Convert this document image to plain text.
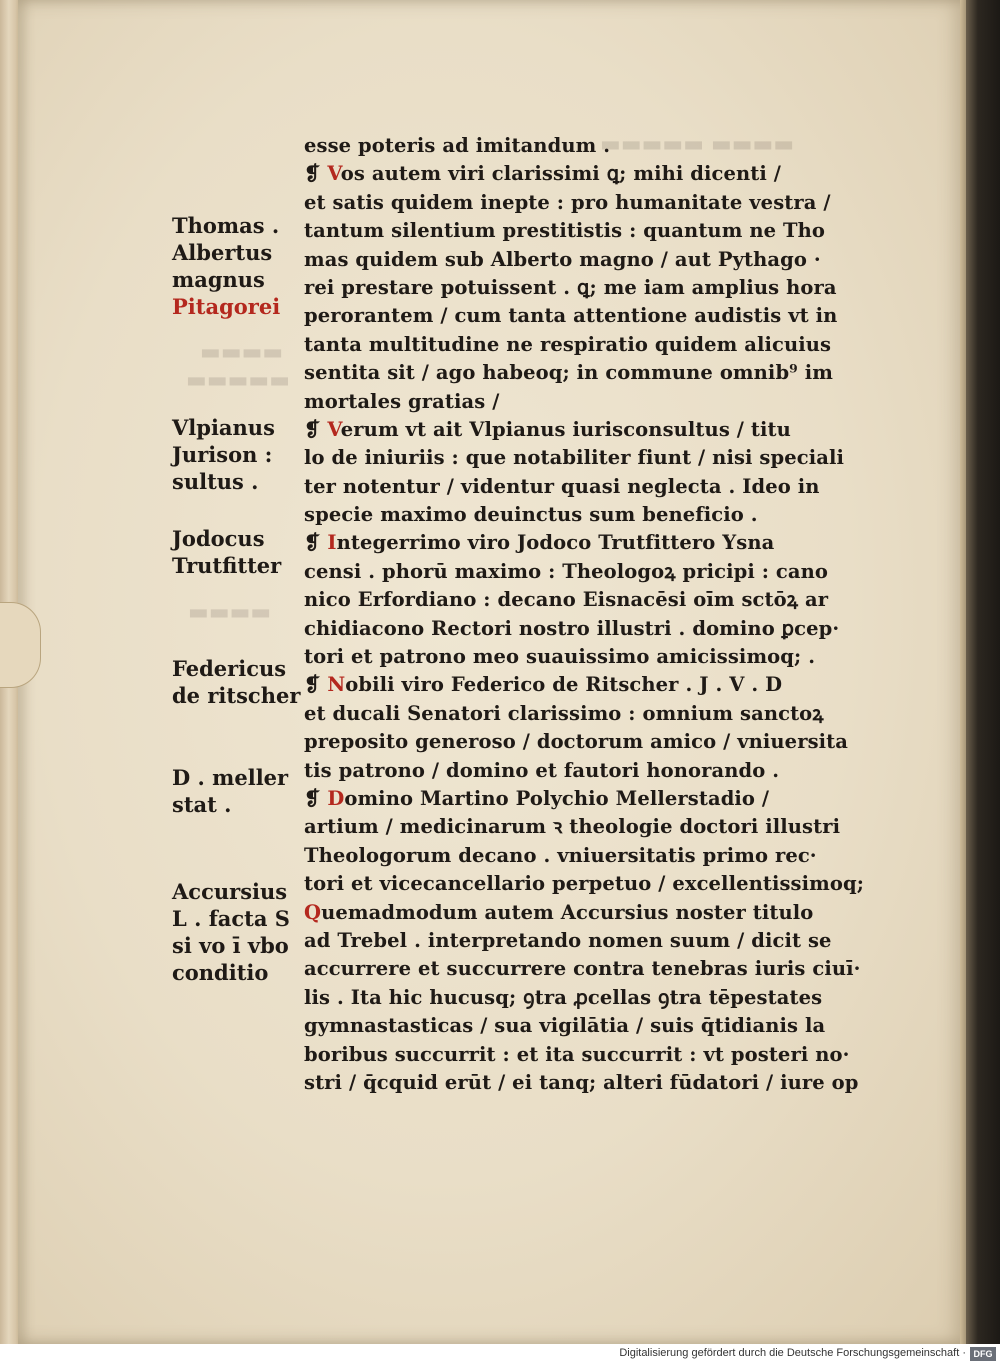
Thomas .
Albertus
magnus
Pitagorei
Vlpianus
Jurison :
sultus .
Jodocus
Trutfitter
Federicus
de ritscher
D . meller
stat .
Accursius
L . facta S
si vo ī vbo
conditio
esse poteris ad imitandum .
❡ Vos autem viri clarissimi ꝗ; mihi dicenti /
et satis quidem inepte : pro humanitate vestra /
tantum silentium prestitistis : quantum ne Tho
mas quidem sub Alberto magno / aut Pythago ·
rei prestare potuissent . ꝗ; me iam amplius hora
perorantem / cum tanta attentione audistis vt in
tanta multitudine ne respiratio quidem alicuius
sentita sit / ago habeoq; in commune omnib⁹ im
mortales gratias /
❡ Verum vt ait Vlpianus iurisconsultus / titu
lo de iniuriis : que notabiliter fiunt / nisi speciali
ter notentur / videntur quasi neglecta . Ideo in
specie maximo deuinctus sum beneficio .
❡ Integerrimo viro Jodoco Trutfittero Ysna
censi . phorū maximo : Theologoꝝ pricipi : cano
nico Erfordiano : decano Eisnacēsi oīm sctōꝝ ar
chidiacono Rectori nostro illustri . domino ꝑcep·
tori et patrono meo suauissimo amicissimoq; .
❡ Nobili viro Federico de Ritscher . J . V . D
et ducali Senatori clarissimo : omnium sanctoꝝ
preposito generoso / doctorum amico / vniuersita
tis patrono / domino et fautori honorando .
❡ Domino Martino Polychio Mellerstadio /
artium / medicinarum ꝛ theologie doctori illustri
Theologorum decano . vniuersitatis primo rec·
tori et vicecancellario perpetuo / excellentissimoq;
Quemadmodum autem Accursius noster titulo
ad Trebel . interpretando nomen suum / dicit se
accurrere et succurrere contra tenebras iuris ciuī·
lis . Ita hic hucusq; ꝯtra ꝓcellas ꝯtra tēpestates
gymnastasticas / sua vigilātia / suis q̄tidianis la
boribus succurrit : et ita succurrit : vt posteri no·
stri / q̄cquid erūt / ei tanq; alteri fūdatori / iure op
Digitalisierung gefördert durch die Deutsche Forschungsgemeinschaft · DFG
